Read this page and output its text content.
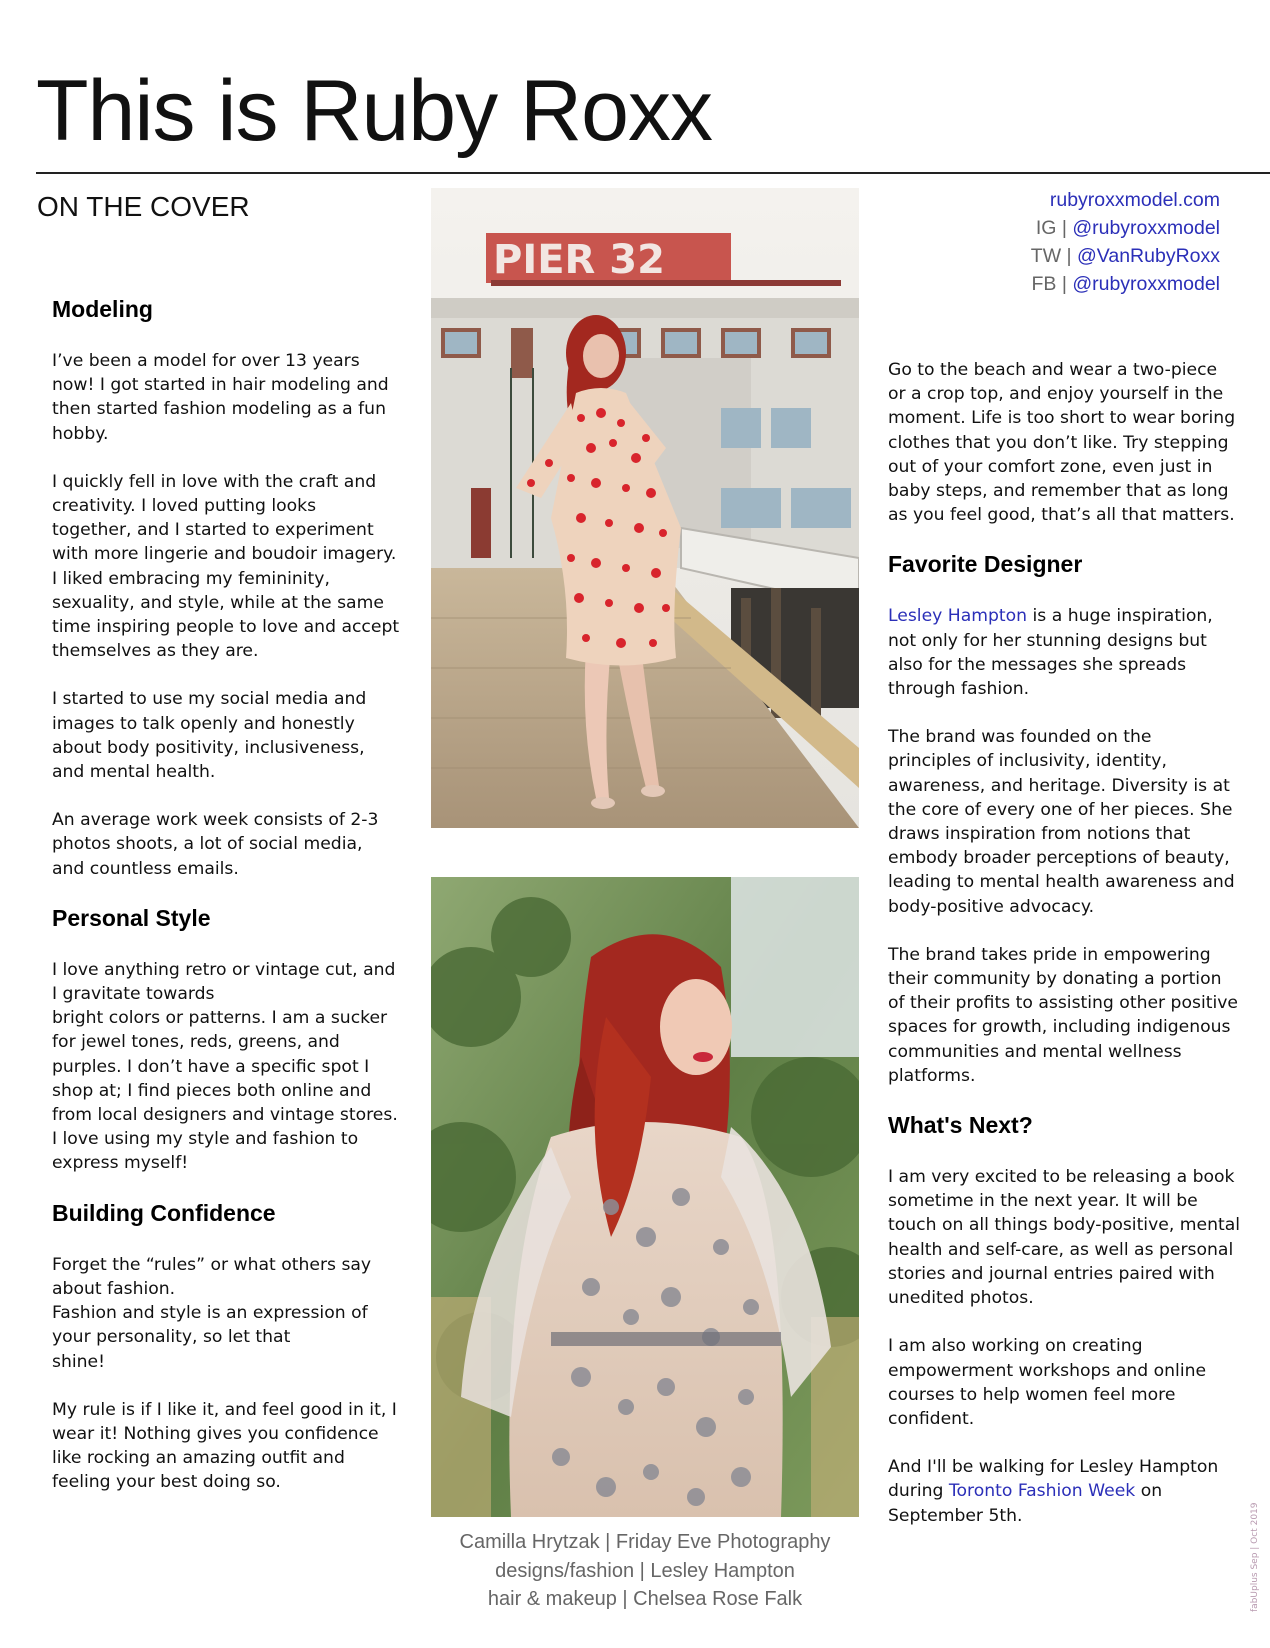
This is Ruby Roxx
ON THE COVER	rubyroxxmodel.com
IG | @rubyroxxmodel
TW | @VanRubyRoxx
FB | @rubyroxxmodel
Modeling

I’ve been a model for over 13 years now! I got started in hair modeling and then started fashion modeling as a fun hobby.

I quickly fell in love with the craft and creativity. I loved putting looks together, and I started to experiment with more lingerie and boudoir imagery. I liked embracing my femininity, sexuality, and style, while at the same time inspiring people to love and accept themselves as they are.

I started to use my social media and images to talk openly and honestly about body positivity, inclusiveness, and mental health.

An average work week consists of 2-3 photos shoots, a lot of social media, and countless emails.

Personal Style

I love anything retro or vintage cut, and I gravitate towards
bright colors or patterns. I am a sucker for jewel tones, reds, greens, and purples. I don’t have a specific spot I shop at; I find pieces both online and from local designers and vintage stores. I love using my style and fashion to express myself!

Building Confidence

Forget the “rules” or what others say about fashion.
Fashion and style is an expression of your personality, so let that
shine!

My rule is if I like it, and feel good in it, I wear it! Nothing gives you confidence like rocking an amazing outfit and feeling your best doing so.

PIER 32
Camilla Hrytzak | Friday Eve Photography
designs/fashion | Lesley Hampton
hair & makeup | Chelsea Rose Falk

Go to the beach and wear a two-piece or a crop top, and enjoy yourself in the moment. Life is too short to wear boring clothes that you don’t like. Try stepping out of your comfort zone, even just in baby steps, and remember that as long as you feel good, that’s all that matters.

Favorite Designer

Lesley Hampton is a huge inspiration, not only for her stunning designs but also for the messages she spreads through fashion.

The brand was founded on the principles of inclusivity, identity, awareness, and heritage. Diversity is at the core of every one of her pieces. She draws inspiration from notions that embody broader perceptions of beauty, leading to mental health awareness and body-positive advocacy.

The brand takes pride in empowering their community by donating a portion of their profits to assisting other positive spaces for growth, including indigenous communities and mental wellness platforms.

What's Next?

I am very excited to be releasing a book sometime in the next year. It will be touch on all things body-positive, mental health and self-care, as well as personal stories and journal entries paired with unedited photos.

I am also working on creating empowerment workshops and online courses to help women feel more confident.

And I'll be walking for Lesley Hampton during Toronto Fashion Week on September 5th.	fabUplus Sep | Oct 2019
